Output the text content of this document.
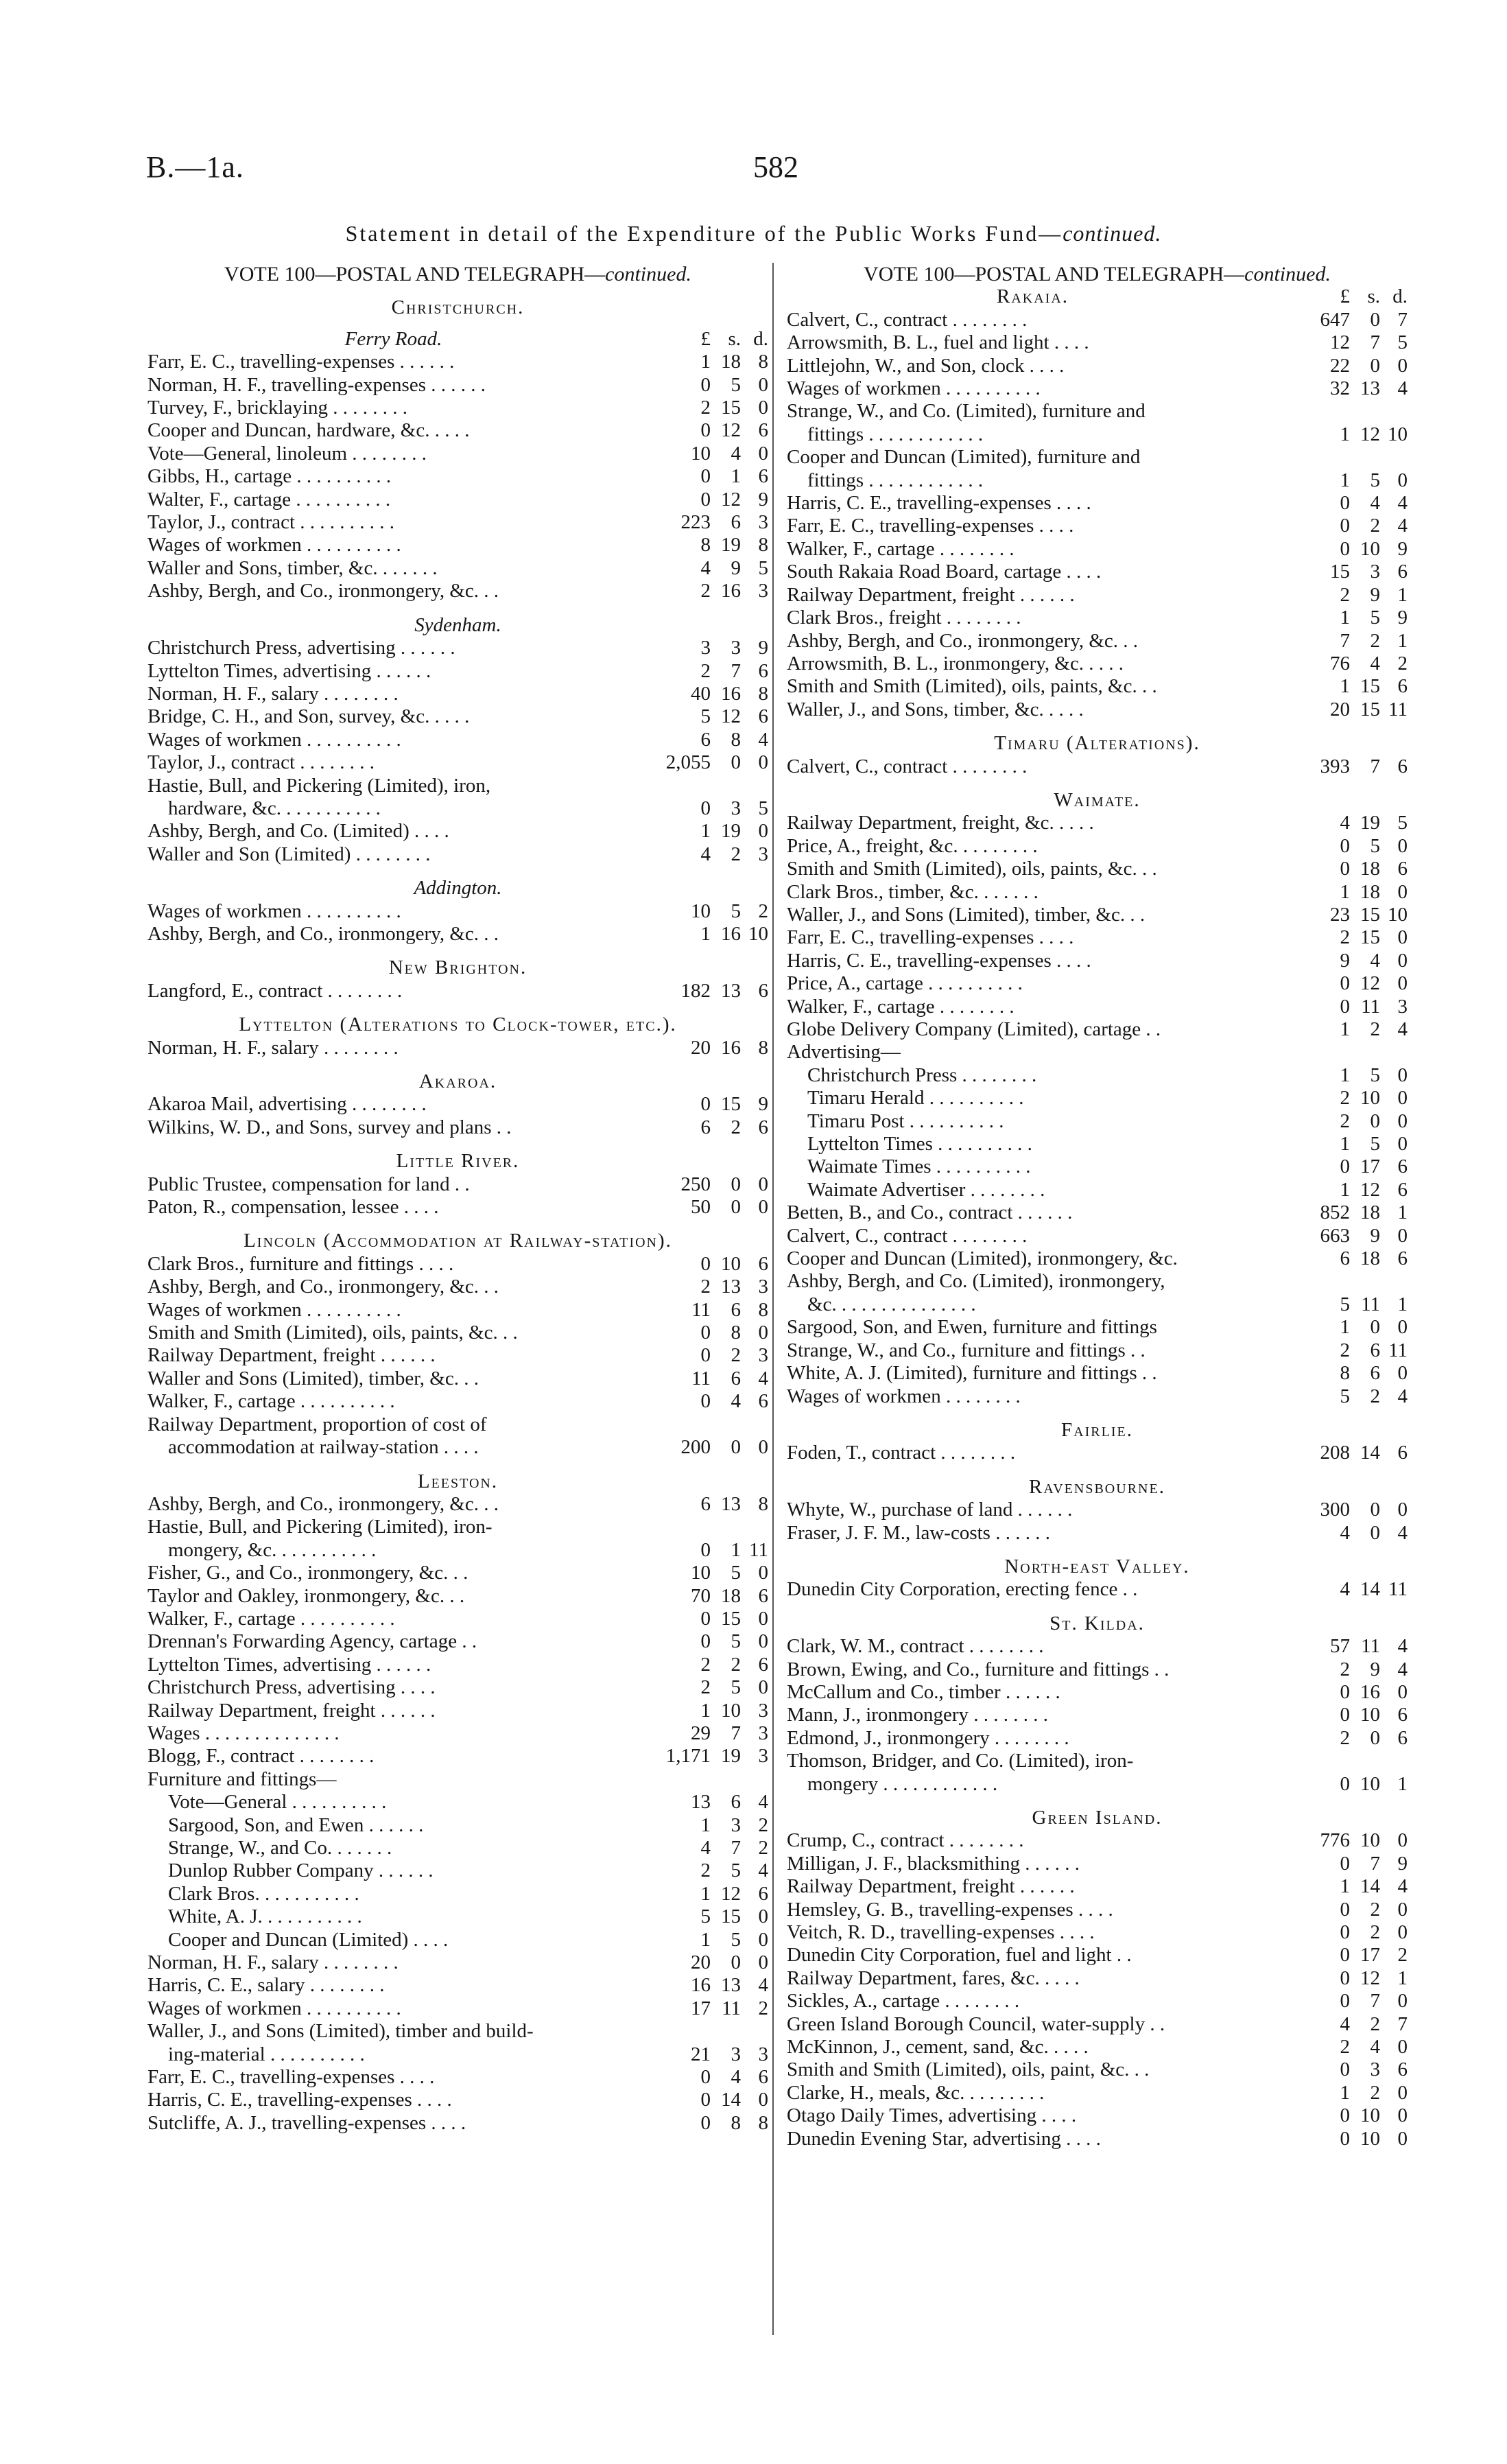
B.—1a.	582
Statement in detail of the Expenditure of the Public Works Fund—continued.
VOTE 100—POSTAL AND TELEGRAPH—continued.
Christchurch.
Ferry Road.	£ s. d.
Farr, E. C., travelling-expenses . . . . . .	1 18 8
Norman, H. F., travelling-expenses . . . . . .	0	5 0
Turvey, F., bricklaying . . . . . . . .	2 15 0
Cooper and Duncan, hardware, &c. . . . .	0 12 6
Vote—General, linoleum . . . . . . . .	10	4 0
Gibbs, H., cartage . . . . . . . . . .	0	1 6
Walter, F., cartage . . . . . . . . . .	0 12 9
Taylor, J., contract . . . . . . . . . .	223	6 3
Wages of workmen . . . . . . . . . .	8 19 8
Waller and Sons, timber, &c. . . . . . .	4	9 5
Ashby, Bergh, and Co., ironmongery, &c. . .	2 16 3
Sydenham.
Christchurch Press, advertising . . . . . .	3	3 9
Lyttelton Times, advertising . . . . . .	2	7 6
Norman, H. F., salary . . . . . . . .	40 16 8
Bridge, C. H., and Son, survey, &c. . . . .	5 12 6
Wages of workmen . . . . . . . . . .	6	8 4
Taylor, J., contract . . . . . . . .	2,055	0 0
Hastie, Bull, and Pickering (Limited), iron,
hardware, &c. . . . . . . . . . .	0	3 5
Ashby, Bergh, and Co. (Limited) . . . .	1 19 0
Waller and Son (Limited) . . . . . . . .	4	2 3
Addington.
Wages of workmen . . . . . . . . . .	10	5 2
Ashby, Bergh, and Co., ironmongery, &c. . .	1 16 10
New Brighton.
Langford, E., contract . . . . . . . .	182 13 6
Lyttelton (Alterations to Clock-tower, etc.).
Norman, H. F., salary . . . . . . . .	20 16 8
Akaroa.
Akaroa Mail, advertising . . . . . . . .	0 15 9
Wilkins, W. D., and Sons, survey and plans . .	6	2 6
Little River.
Public Trustee, compensation for land . .	250	0 0
Paton, R., compensation, lessee . . . .	50	0 0
Lincoln (Accommodation at Railway-station).
Clark Bros., furniture and fittings . . . .	0 10 6
Ashby, Bergh, and Co., ironmongery, &c. . .	2 13 3
Wages of workmen . . . . . . . . . .	11	6 8
Smith and Smith (Limited), oils, paints, &c. . .	0	8 0
Railway Department, freight . . . . . .	0	2 3
Waller and Sons (Limited), timber, &c. . .	11	6 4
Walker, F., cartage . . . . . . . . . .	0	4 6
Railway Department, proportion of cost of
accommodation at railway-station . . . .	200	0 0
Leeston.
Ashby, Bergh, and Co., ironmongery, &c. . .	6 13 8
Hastie, Bull, and Pickering (Limited), iron-
mongery, &c. . . . . . . . . . .	0	1 11
Fisher, G., and Co., ironmongery, &c. . .	10	5 0
Taylor and Oakley, ironmongery, &c. . .	70 18 6
Walker, F., cartage . . . . . . . . . .	0 15 0
Drennan's Forwarding Agency, cartage . .	0	5 0
Lyttelton Times, advertising . . . . . .	2	2 6
Christchurch Press, advertising . . . .	2	5 0
Railway Department, freight . . . . . .	1 10 3
Wages . . . . . . . . . . . . . .	29	7 3
Blogg, F., contract . . . . . . . .	1,171 19 3
Furniture and fittings—
Vote—General . . . . . . . . . .	13	6 4
Sargood, Son, and Ewen . . . . . .	1	3 2
Strange, W., and Co. . . . . . .	4	7 2
Dunlop Rubber Company . . . . . .	2	5 4
Clark Bros. . . . . . . . . . .	1 12 6
White, A. J. . . . . . . . . . .	5 15 0
Cooper and Duncan (Limited) . . . .	1	5 0
Norman, H. F., salary . . . . . . . .	20	0 0
Harris, C. E., salary . . . . . . . .	16 13 4
Wages of workmen . . . . . . . . . .	17 11 2
Waller, J., and Sons (Limited), timber and build-
ing-material . . . . . . . . . .	21	3 3
Farr, E. C., travelling-expenses . . . .	0	4 6
Harris, C. E., travelling-expenses . . . .	0 14 0
Sutcliffe, A. J., travelling-expenses . . . .	0	8 8
VOTE 100—POSTAL AND TELEGRAPH—continued.
Rakaia.	£ s. d.
Calvert, C., contract . . . . . . . .	647	0 7
Arrowsmith, B. L., fuel and light . . . .	12	7 5
Littlejohn, W., and Son, clock . . . .	22	0 0
Wages of workmen . . . . . . . . . .	32 13 4
Strange, W., and Co. (Limited), furniture and
fittings . . . . . . . . . . . .	1 12 10
Cooper and Duncan (Limited), furniture and
fittings . . . . . . . . . . . .	1	5 0
Harris, C. E., travelling-expenses . . . .	0	4 4
Farr, E. C., travelling-expenses . . . .	0	2 4
Walker, F., cartage . . . . . . . .	0 10 9
South Rakaia Road Board, cartage . . . .	15	3 6
Railway Department, freight . . . . . .	2	9 1
Clark Bros., freight . . . . . . . .	1	5 9
Ashby, Bergh, and Co., ironmongery, &c. . .	7	2 1
Arrowsmith, B. L., ironmongery, &c. . . . .	76	4 2
Smith and Smith (Limited), oils, paints, &c. . .	1 15 6
Waller, J., and Sons, timber, &c. . . . .	20 15 11
Timaru (Alterations).
Calvert, C., contract . . . . . . . .	393	7 6
Waimate.
Railway Department, freight, &c. . . . .	4 19 5
Price, A., freight, &c. . . . . . . . .	0	5 0
Smith and Smith (Limited), oils, paints, &c. . .	0 18 6
Clark Bros., timber, &c. . . . . . .	1 18 0
Waller, J., and Sons (Limited), timber, &c. . .	23 15 10
Farr, E. C., travelling-expenses . . . .	2 15 0
Harris, C. E., travelling-expenses . . . .	9	4 0
Price, A., cartage . . . . . . . . . .	0 12 0
Walker, F., cartage . . . . . . . .	0 11 3
Globe Delivery Company (Limited), cartage . .	1	2 4
Advertising—
Christchurch Press . . . . . . . .	1	5 0
Timaru Herald . . . . . . . . . .	2 10 0
Timaru Post . . . . . . . . . .	2	0 0
Lyttelton Times . . . . . . . . . .	1	5 0
Waimate Times . . . . . . . . . .	0 17 6
Waimate Advertiser . . . . . . . .	1 12 6
Betten, B., and Co., contract . . . . . .	852 18 1
Calvert, C., contract . . . . . . . .	663	9 0
Cooper and Duncan (Limited), ironmongery, &c.	6 18 6
Ashby, Bergh, and Co. (Limited), ironmongery,
&c. . . . . . . . . . . . . . .	5 11 1
Sargood, Son, and Ewen, furniture and fittings	1	0 0
Strange, W., and Co., furniture and fittings . .	2	6 11
White, A. J. (Limited), furniture and fittings . .	8	6 0
Wages of workmen . . . . . . . .	5	2 4
Fairlie.
Foden, T., contract . . . . . . . .	208 14 6
Ravensbourne.
Whyte, W., purchase of land . . . . . .	300	0 0
Fraser, J. F. M., law-costs . . . . . .	4	0 4
North-east Valley.
Dunedin City Corporation, erecting fence . .	4 14 11
St. Kilda.
Clark, W. M., contract . . . . . . . .	57 11 4
Brown, Ewing, and Co., furniture and fittings . .	2	9 4
McCallum and Co., timber . . . . . .	0 16 0
Mann, J., ironmongery . . . . . . . .	0 10 6
Edmond, J., ironmongery . . . . . . . .	2	0 6
Thomson, Bridger, and Co. (Limited), iron-
mongery . . . . . . . . . . . .	0 10 1
Green Island.
Crump, C., contract . . . . . . . .	776 10 0
Milligan, J. F., blacksmithing . . . . . .	0	7 9
Railway Department, freight . . . . . .	1 14 4
Hemsley, G. B., travelling-expenses . . . .	0	2 0
Veitch, R. D., travelling-expenses . . . .	0	2 0
Dunedin City Corporation, fuel and light . .	0 17 2
Railway Department, fares, &c. . . . .	0 12 1
Sickles, A., cartage . . . . . . . .	0	7 0
Green Island Borough Council, water-supply . .	4	2 7
McKinnon, J., cement, sand, &c. . . . .	2	4 0
Smith and Smith (Limited), oils, paint, &c. . .	0	3 6
Clarke, H., meals, &c. . . . . . . . .	1	2 0
Otago Daily Times, advertising . . . .	0 10 0
Dunedin Evening Star, advertising . . . .	0 10 0
